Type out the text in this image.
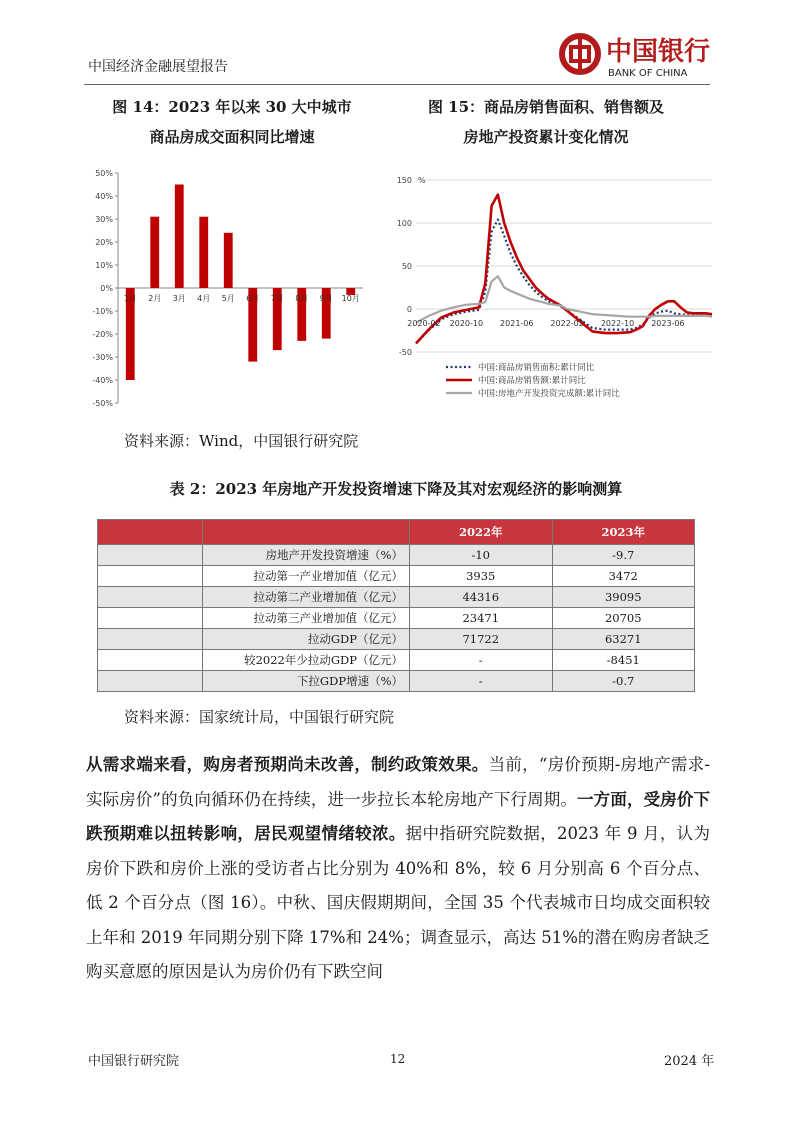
中国经济金融展望报告	中国银行
BANK OF CHINA
图 14：2023 年以来 30 大中城市
商品房成交面积同比增速
图 15：商品房销售面积、销售额及
房地产投资累计变化情况
50%
40%
30%
20%
10%
0%
-10%
-20%
-30%
-40%
-50%
1月 2月 3月 4月 5月 6月 7月 8月 9月 10月
150
100
50
0
-50
%
2020-02 2020-10 2021-06 2022-02 2022-10 2023-06
中国:商品房销售面积:累计同比
中国:商品房销售额:累计同比
中国:房地产开发投资完成额:累计同比
资料来源：Wind，中国银行研究院
表 2：2023 年房地产开发投资增速下降及其对宏观经济的影响测算
		2022年	2023年
	房地产开发投资增速（%）	-10	-9.7
	拉动第一产业增加值（亿元）	3935	3472
	拉动第二产业增加值（亿元）	44316	39095
	拉动第三产业增加值（亿元）	23471	20705
	拉动GDP（亿元）	71722	63271
	较2022年少拉动GDP（亿元）	-	-8451
	下拉GDP增速（%）	-	-0.7
资料来源：国家统计局，中国银行研究院
从需求端来看，购房者预期尚未改善，制约政策效果。当前，“房价预期-房地产需求-实际房价”的负向循环仍在持续，进一步拉长本轮房地产下行周期。一方面，受房价下跌预期难以扭转影响，居民观望情绪较浓。据中指研究院数据，2023 年 9 月，认为房价下跌和房价上涨的受访者占比分别为 40%和 8%，较 6 月分别高 6 个百分点、低 2 个百分点（图 16）。中秋、国庆假期期间，全国 35 个代表城市日均成交面积较上年和 2019 年同期分别下降 17%和 24%；调查显示，高达 51%的潜在购房者缺乏购买意愿的原因是认为房价仍有下跌空间
中国银行研究院	12	2024 年
